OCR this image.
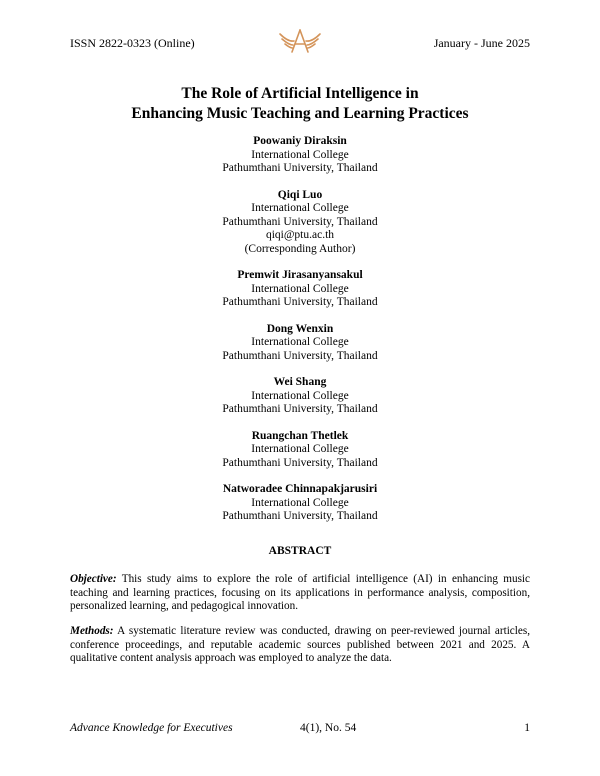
ISSN 2822-0323 (Online)	January - June 2025
The Role of Artificial Intelligence in
Enhancing Music Teaching and Learning Practices
Poowaniy Diraksin
International College
Pathumthani University, Thailand
Qiqi Luo
International College
Pathumthani University, Thailand
qiqi@ptu.ac.th
(Corresponding Author)
Premwit Jirasanyansakul
International College
Pathumthani University, Thailand
Dong Wenxin
International College
Pathumthani University, Thailand
Wei Shang
International College
Pathumthani University, Thailand
Ruangchan Thetlek
International College
Pathumthani University, Thailand
Natworadee Chinnapakjarusiri
International College
Pathumthani University, Thailand
ABSTRACT
Objective: This study aims to explore the role of artificial intelligence (AI) in enhancing music teaching and learning practices, focusing on its applications in performance analysis, composition, personalized learning, and pedagogical innovation.
Methods: A systematic literature review was conducted, drawing on peer-reviewed journal articles, conference proceedings, and reputable academic sources published between 2021 and 2025. A qualitative content analysis approach was employed to analyze the data.
Advance Knowledge for Executives	4(1), No. 54	1
